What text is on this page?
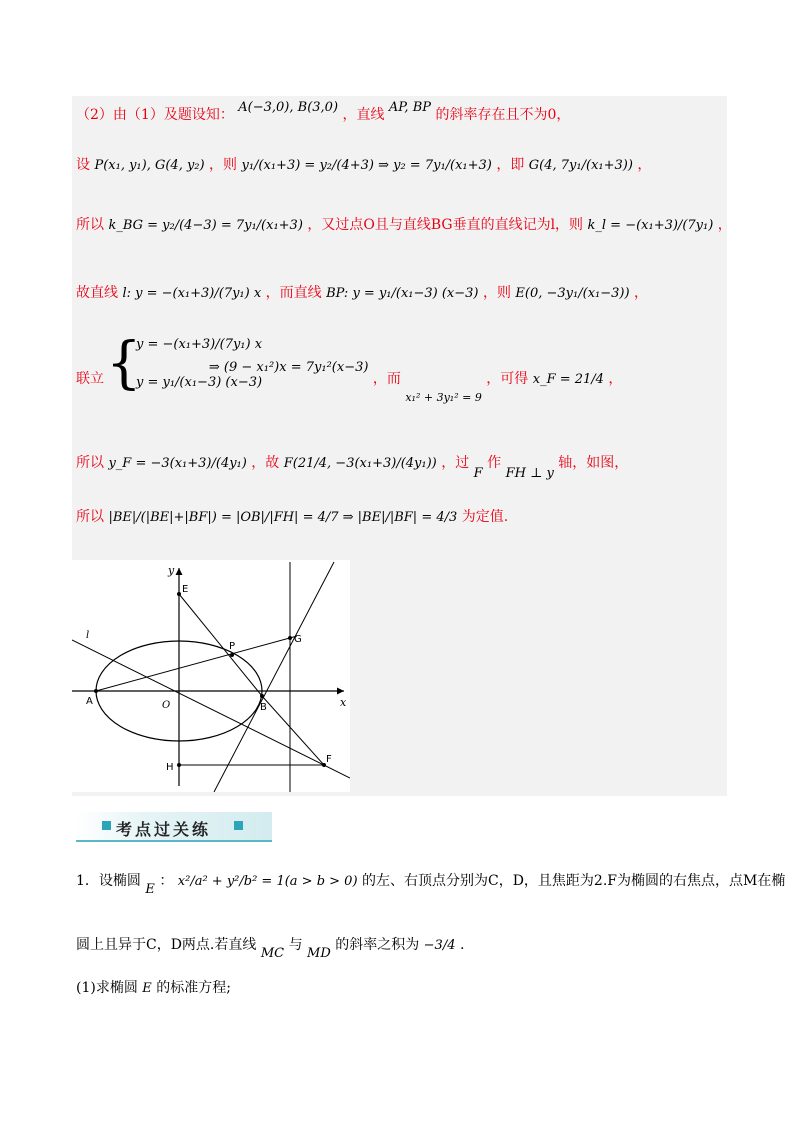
（2）由（1）及题设知： A(−3,0), B(3,0) ，直线 AP, BP 的斜率存在且不为0，
设 P(x₁, y₁), G(4, y₂) ，则 y₁/(x₁+3) = y₂/(4+3) ⇒ y₂ = 7y₁/(x₁+3) ，即 G(4, 7y₁/(x₁+3)) ，
所以 k_BG = y₂/(4−3) = 7y₁/(x₁+3) ，又过点O且与直线BG垂直的直线记为l，则 k_l = −(x₁+3)/(7y₁) ，
故直线 l: y = −(x₁+3)/(7y₁) x ，而直线 BP: y = y₁/(x₁−3) (x−3) ，则 E(0, −3y₁/(x₁−3)) ，
{
y = −(x₁+3)/(7y₁) x
y = y₁/(x₁−3) (x−3)
联立  ⇒ (9 − x₁²)x = 7y₁²(x−3) ，而 $_{x_1^2 + 3y_1^2 = 9}$ ，可得 x_F = 21/4 ，
所以 y_F = −3(x₁+3)/(4y₁) ，故 F(21/4, −3(x₁+3)/(4y₁)) ，过 F 作 FH ⊥ y 轴，如图，
所以 |BE|/(|BE|+|BF|) = |OB|/|FH| = 4/7 ⇒ |BE|/|BF| = 4/3 为定值.
y
x
E
l
P
G
A	O	B
H
F
考点过关练
1．设椭圆 E ： x²/a² + y²/b² = 1(a > b > 0) 的左、右顶点分别为C，D，且焦距为2.F为椭圆的右焦点，点M在椭
圆上且异于C，D两点.若直线 MC 与 MD 的斜率之积为 −3/4 .
(1)求椭圆 E 的标准方程;
